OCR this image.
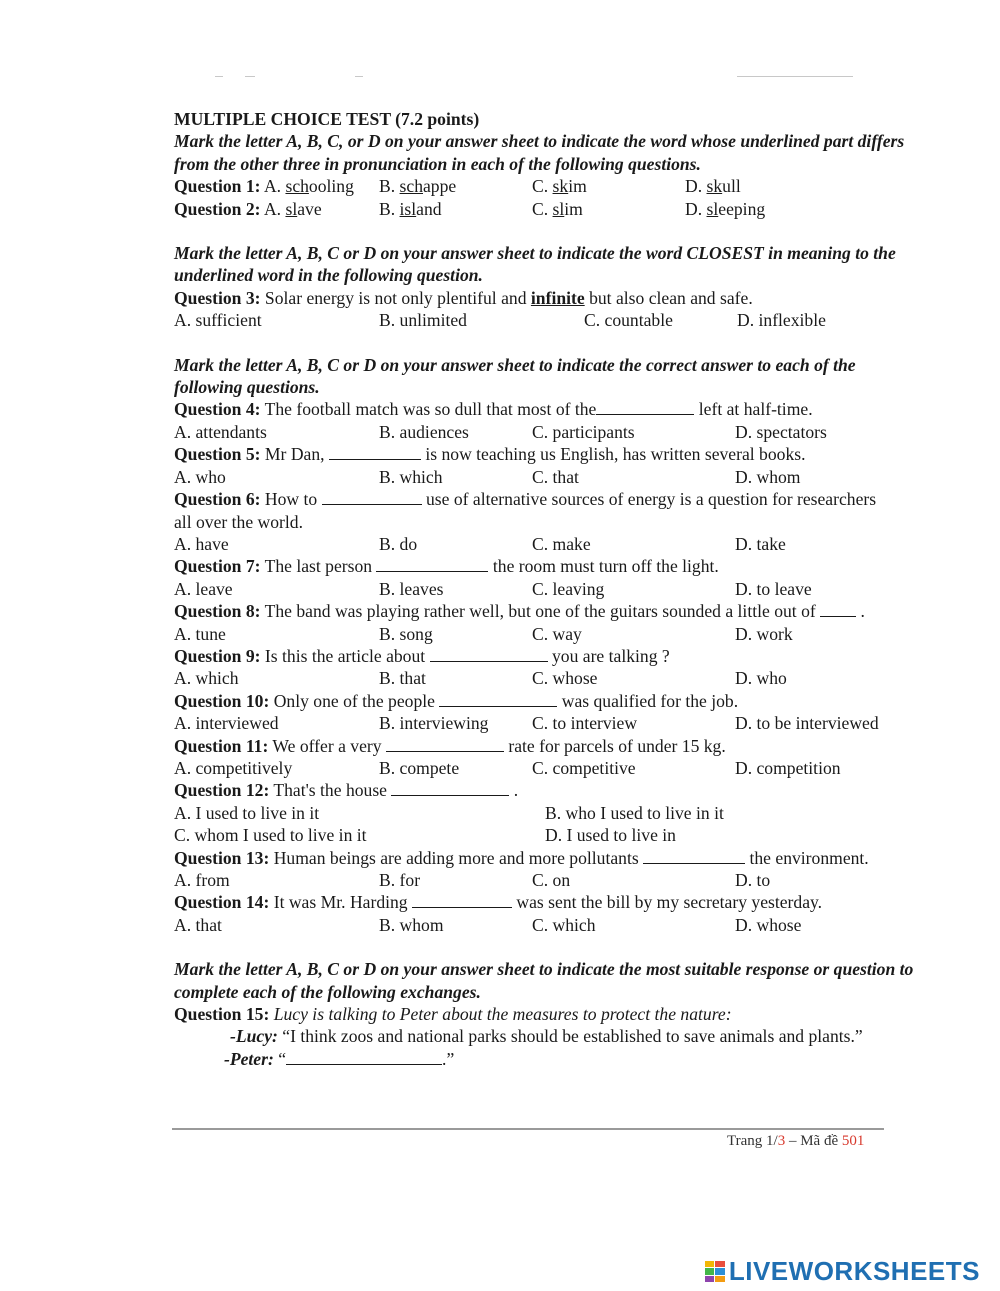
MULTIPLE CHOICE TEST (7.2 points)
Mark the letter A, B, C, or D on your answer sheet to indicate the word whose underlined part differs from the other three in pronunciation in each of the following questions.
Question 1: A. schooling	B. schappe	C. skim	D. skull
Question 2: A. slave	B. island	C. slim	D. sleeping
Mark the letter A, B, C or D on your answer sheet to indicate the word CLOSEST in meaning to the underlined word in the following question.
Question 3: Solar energy is not only plentiful and infinite but also clean and safe.
A. sufficient	B. unlimited	C. countable	D. inflexible
Mark the letter A, B, C or D on your answer sheet to indicate the correct answer to each of the following questions.
Question 4: The football match was so dull that most of the	left at half-time.
A. attendants	B. audiences	C. participants	D. spectators
Question 5: Mr Dan,	is now teaching us English, has written several books.
A. who	B. which	C. that	D. whom
Question 6: How to	use of alternative sources of energy is a question for researchers
all over the world.
A. have	B. do	C. make	D. take
Question 7: The last person	the room must turn off the light.
A. leave	B. leaves	C. leaving	D. to leave
Question 8: The band was playing rather well, but one of the guitars sounded a little out of  .
A. tune	B. song	C. way	D. work
Question 9: Is this the article about	you are talking ?
A. which	B. that	C. whose	D. who
Question 10: Only one of the people	was qualified for the job.
A. interviewed	B. interviewing	C. to interview	D. to be interviewed
Question 11: We offer a very	rate for parcels of under 15 kg.
A. competitively	B. compete	C. competitive	D. competition
Question 12: That's the house	.
A. I used to live in it	B. who I used to live in it
C. whom I used to live in it	D. I used to live in
Question 13: Human beings are adding more and more pollutants	the environment.
A. from	B. for	C. on	D. to
Question 14: It was Mr. Harding	was sent the bill by my secretary yesterday.
A. that	B. whom	C. which	D. whose
Mark the letter A, B, C or D on your answer sheet to indicate the most suitable response or question to complete each of the following exchanges.
Question 15: Lucy is talking to Peter about the measures to protect the nature:
-Lucy: “I think zoos and national parks should be established to save animals and plants.”
-Peter: “	.”
Trang 1/3 – Mã đề 501
LIVEWORKSHEETS
